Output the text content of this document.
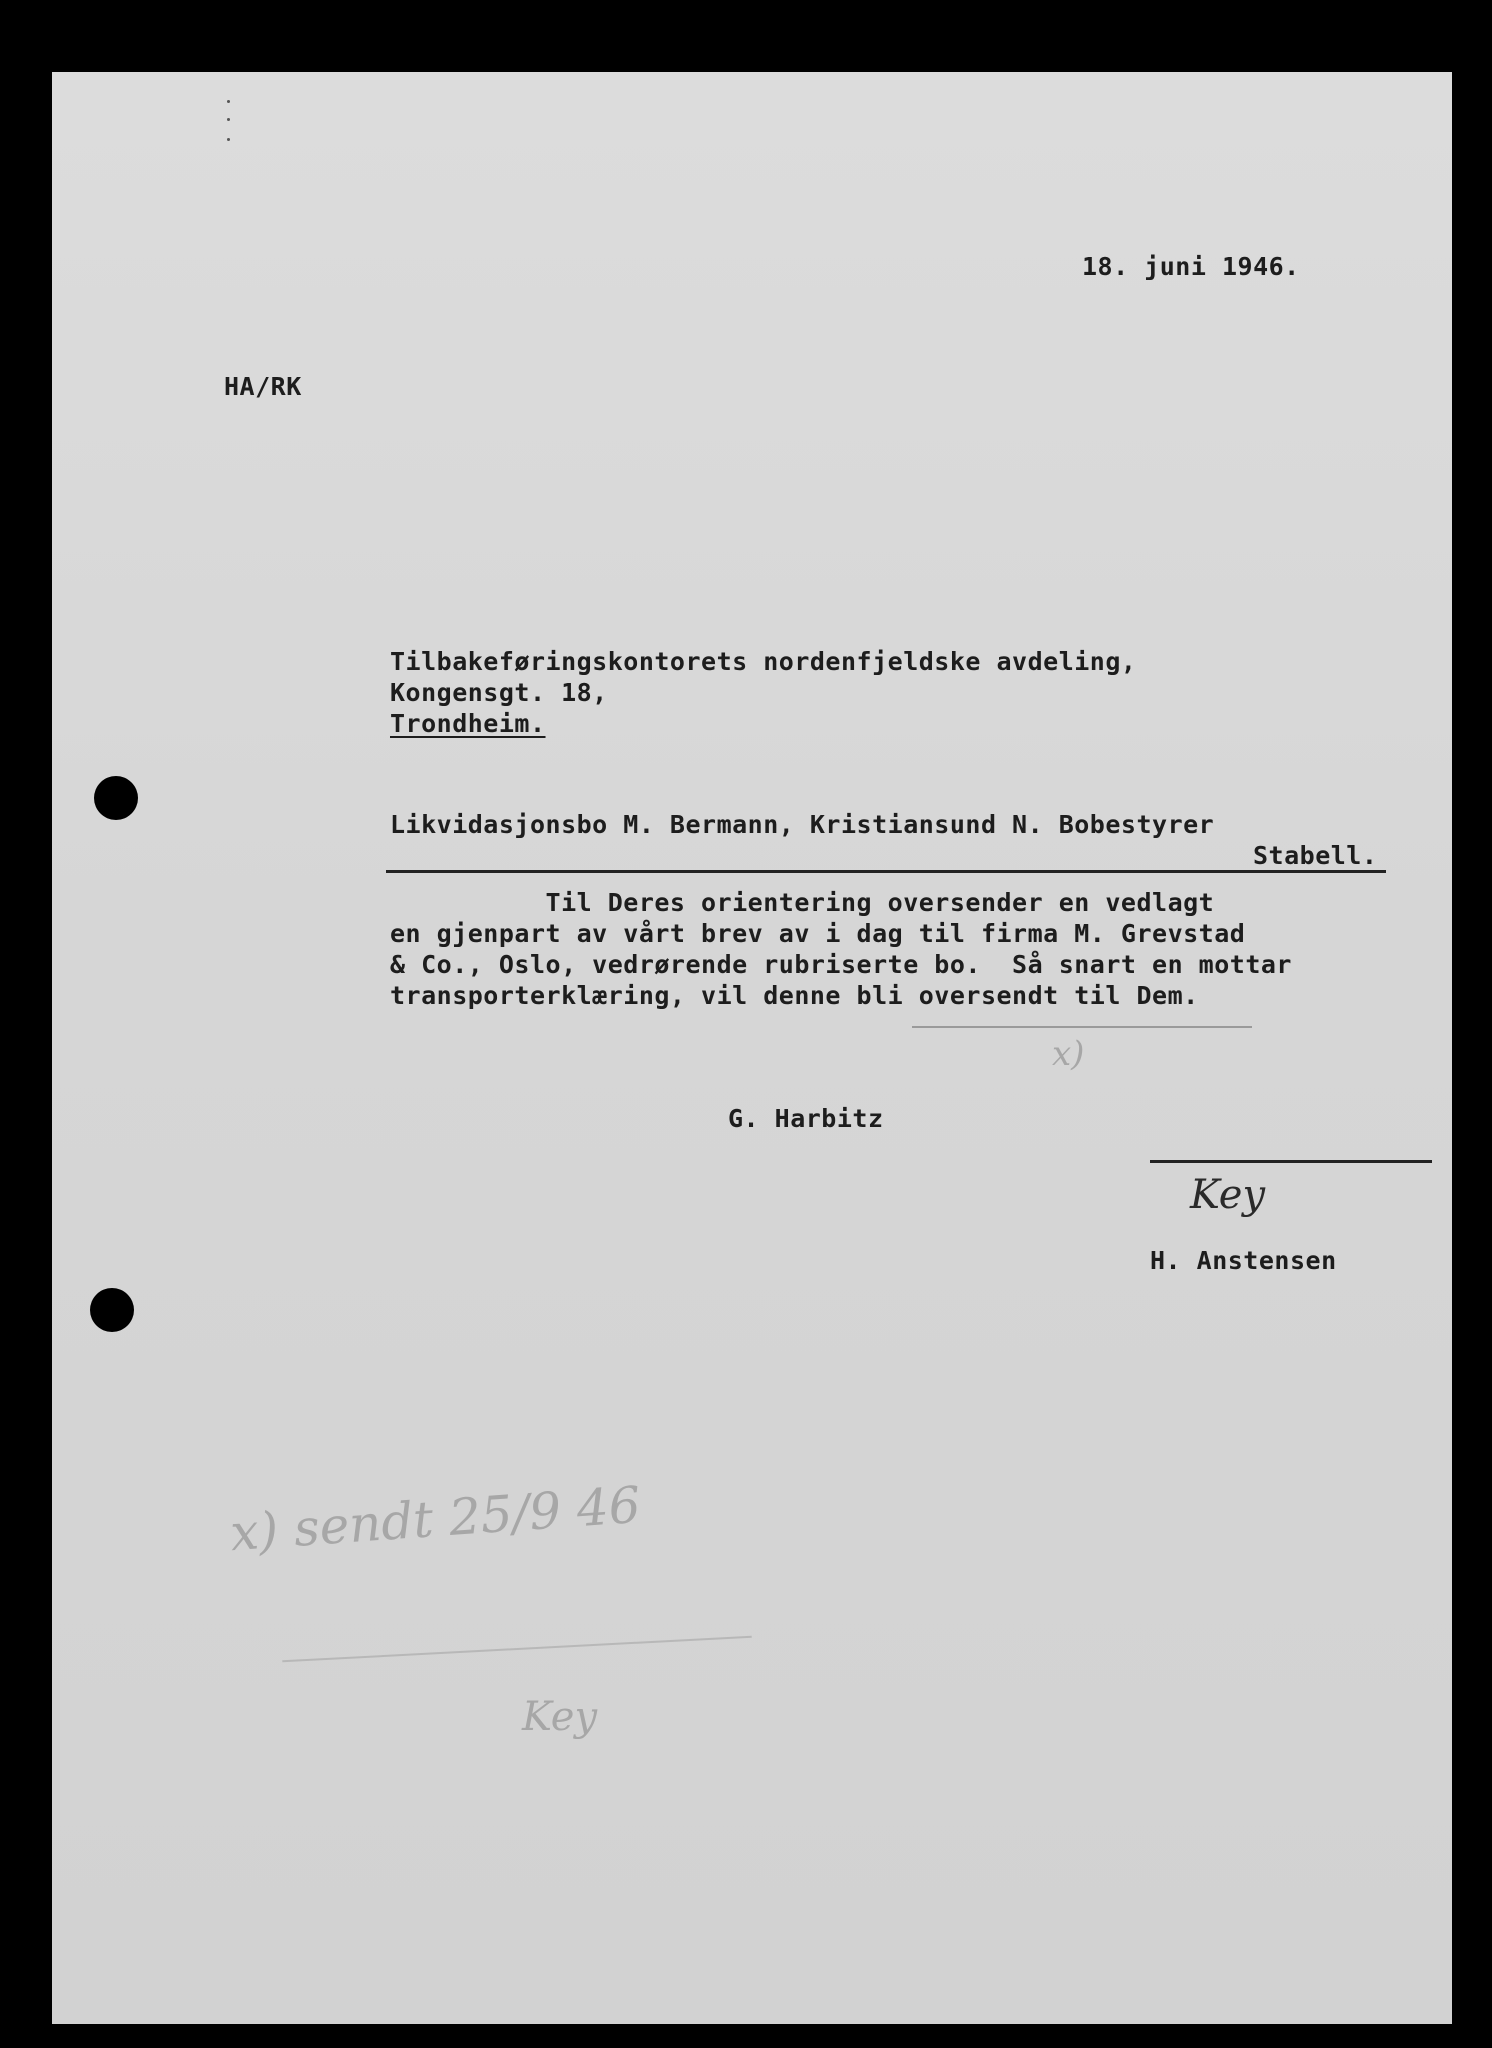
18. juni 1946.
HA/RK
Tilbakeføringskontorets nordenfjeldske avdeling,
Kongensgt. 18,
Trondheim.
Likvidasjonsbo M. Bermann, Kristiansund N. Bobestyrer
Stabell.
Til Deres orientering oversender en vedlagt
en gjenpart av vårt brev av i dag til firma M. Grevstad
& Co., Oslo, vedrørende rubriserte bo.  Så snart en mottar
transporterklæring, vil denne bli oversendt til Dem.
x)
G. Harbitz
Key
H. Anstensen
x) sendt 25/9 46
Key
